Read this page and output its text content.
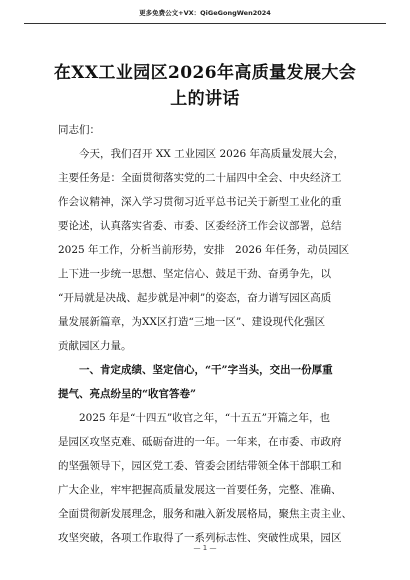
更多免费公文+VX：QiGeGongWen2024
在XX工业园区2026年高质量发展大会
上的讲话

同志们：

今天，我们召开 XX 工业园区 2026 年高质量发展大会，

主要任务是：全面贯彻落实党的二十届四中全会、中央经济工

作会议精神，深入学习贯彻习近平总书记关于新型工业化的重

要论述，认真落实省委、市委、区委经济工作会议部署，总结

2025 年工作，分析当前形势，安排　2026 年任务，动员园区

上下进一步统一思想、坚定信心、鼓足干劲、奋勇争先，以

“开局就是决战、起步就是冲刺”的姿态，奋力谱写园区高质

量发展新篇章，为XX区打造“三地一区”、建设现代化强区

贡献园区力量。

一、肯定成绩、坚定信心，“干”字当头，交出一份厚重

提气、亮点纷呈的“收官答卷”

2025 年是“十四五”收官之年，“十五五”开篇之年，也

是园区攻坚克难、砥砺奋进的一年。一年来，在市委、市政府

的坚强领导下，园区党工委、管委会团结带领全体干部职工和

广大企业，牢牢把握高质量发展这一首要任务，完整、准确、

全面贯彻新发展理念，服务和融入新发展格局，聚焦主责主业、

攻坚突破，各项工作取得了一系列标志性、突破性成果，园区

— 1 —
